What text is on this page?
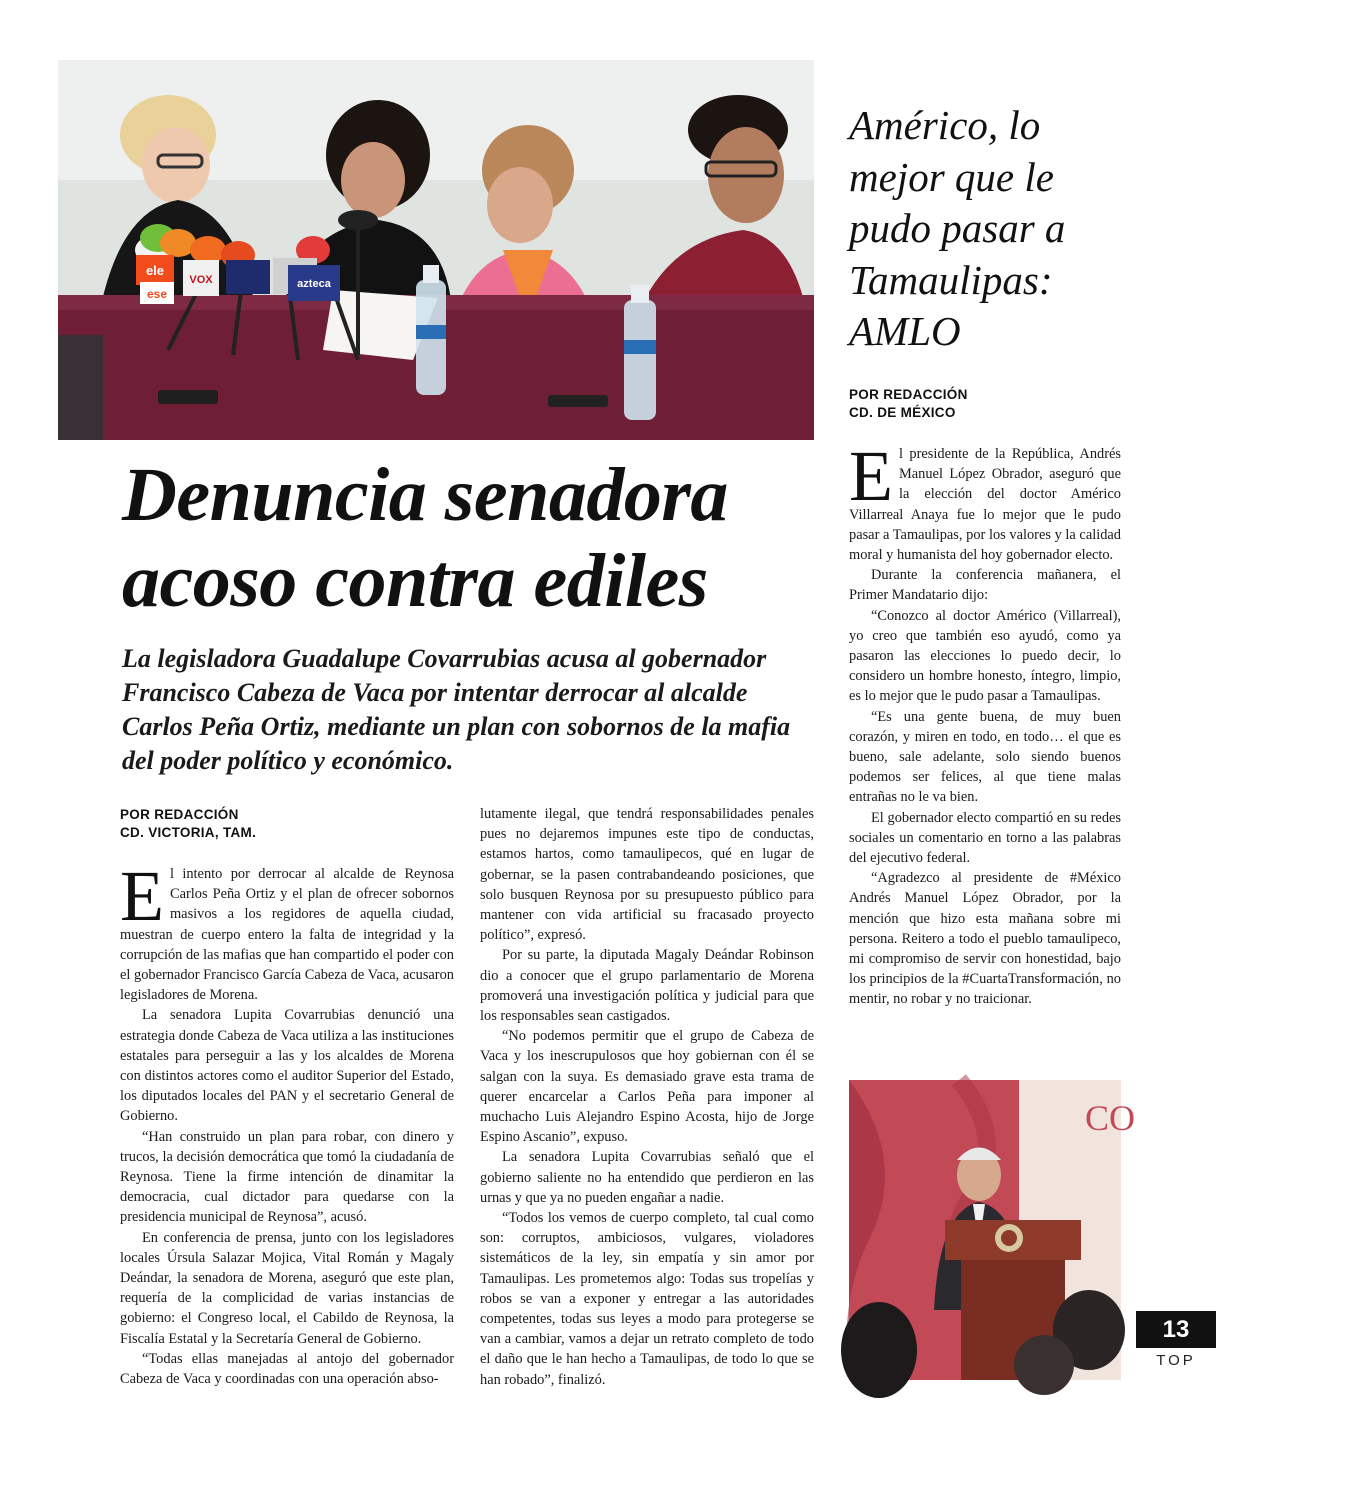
ele
ese
VOX	azteca
Denuncia senadora acoso contra ediles

La legisladora Guadalupe Covarrubias acusa al gobernador Francisco Cabeza de Vaca por intentar derrocar al alcalde Carlos Peña Ortiz, mediante un plan con sobornos de la mafia del poder político y económico.

POR REDACCIÓN
CD. VICTORIA, TAM.

El intento por derrocar al alcalde de Reynosa Carlos Peña Ortiz y el plan de ofrecer sobornos masivos a los regidores de aquella ciudad, muestran de cuerpo entero la falta de integridad y la corrupción de las mafias que han compartido el poder con el gobernador Francisco García Cabeza de Vaca, acusaron legisladores de Morena.

La senadora Lupita Covarrubias denunció una estrategia donde Cabeza de Vaca utiliza a las instituciones estatales para perseguir a las y los alcaldes de Morena con distintos actores como el auditor Superior del Estado, los diputados locales del PAN y el secretario General de Gobierno.

“Han construido un plan para robar, con dinero y trucos, la decisión democrática que tomó la ciudadanía de Reynosa. Tiene la firme intención de dinamitar la democracia, cual dictador para quedarse con la presidencia municipal de Reynosa”, acusó.

En conferencia de prensa, junto con los legisladores locales Úrsula Salazar Mojica, Vital Román y Magaly Deándar, la senadora de Morena, aseguró que este plan, requería de la complicidad de varias instancias de gobierno: el Congreso local, el Cabildo de Reynosa, la Fiscalía Estatal y la Secretaría General de Gobierno.

“Todas ellas manejadas al antojo del gobernador Cabeza de Vaca y coordinadas con una operación abso-

lutamente ilegal, que tendrá responsabilidades penales pues no dejaremos impunes este tipo de conductas, estamos hartos, como tamaulipecos, qué en lugar de gobernar, se la pasen contrabandeando posiciones, que solo busquen Reynosa por su presupuesto público para mantener con vida artificial su fracasado proyecto político”, expresó.

Por su parte, la diputada Magaly Deándar Robinson dio a conocer que el grupo parlamentario de Morena promoverá una investigación política y judicial para que los responsables sean castigados.

“No podemos permitir que el grupo de Cabeza de Vaca y los inescrupulosos que hoy gobiernan con él se salgan con la suya. Es demasiado grave esta trama de querer encarcelar a Carlos Peña para imponer al muchacho Luis Alejandro Espino Acosta, hijo de Jorge Espino Ascanio”, expuso.

La senadora Lupita Covarrubias señaló que el gobierno saliente no ha entendido que perdieron en las urnas y que ya no pueden engañar a nadie.

“Todos los vemos de cuerpo completo, tal cual como son: corruptos, ambiciosos, vulgares, violadores sistemáticos de la ley, sin empatía y sin amor por Tamaulipas. Les prometemos algo: Todas sus tropelías y robos se van a exponer y entregar a las autoridades competentes, todas sus leyes a modo para protegerse se van a cambiar, vamos a dejar un retrato completo de todo el daño que le han hecho a Tamaulipas, de todo lo que se han robado”, finalizó.

Américo, lo mejor que le pudo pasar a Tamaulipas: AMLO
POR REDACCIÓN
CD. DE MÉXICO

El presidente de la República, Andrés Manuel López Obrador, aseguró que la elección del doctor Américo Villarreal Anaya fue lo mejor que le pudo pasar a Tamaulipas, por los valores y la calidad moral y humanista del hoy gobernador electo.

Durante la conferencia mañanera, el Primer Mandatario dijo:

“Conozco al doctor Américo (Villarreal), yo creo que también eso ayudó, como ya pasaron las elecciones lo puedo decir, lo considero un hombre honesto, íntegro, limpio, es lo mejor que le pudo pasar a Tamaulipas.

“Es una gente buena, de muy buen corazón, y miren en todo, en todo… el que es bueno, sale adelante, solo siendo buenos podemos ser felices, al que tiene malas entrañas no le va bien.

El gobernador electo compartió en su redes sociales un comentario en torno a las palabras del ejecutivo federal.

“Agradezco al presidente de #México Andrés Manuel López Obrador, por la mención que hizo esta mañana sobre mi persona. Reitero a todo el pueblo tamaulipeco, mi compromiso de servir con honestidad, bajo los principios de la #CuartaTransformación, no mentir, no robar y no traicionar.

CO
13
TOP
